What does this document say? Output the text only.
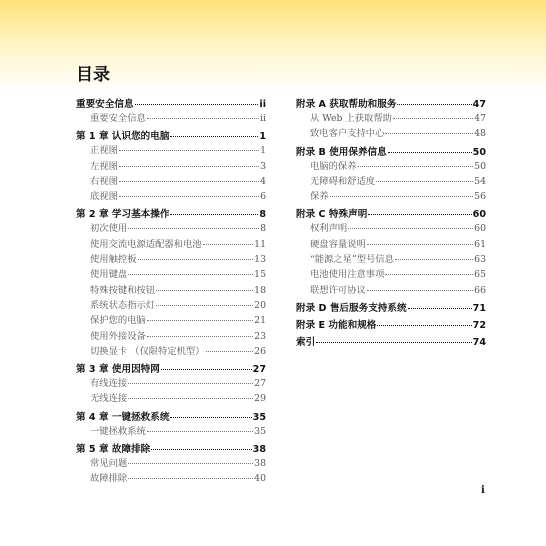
目录
重要安全信息	ii
重要安全信息	ii
第 1 章 认识您的电脑	1
正视图	1
左视图	3
右视图	4
底视图	6
第 2 章 学习基本操作	8
初次使用	8
使用交流电源适配器和电池	11
使用触控板	13
使用键盘	15
特殊按键和按钮	18
系统状态指示灯	20
保护您的电脑	21
使用外接设备	23
切换显卡 （仅限特定机型）	26
第 3 章 使用因特网	27
有线连接	27
无线连接	29
第 4 章 一键拯救系统	35
一键拯救系统	35
第 5 章 故障排除	38
常见问题	38
故障排除	40
附录 A 获取帮助和服务	47
从 Web 上获取帮助	47
致电客户支持中心	48
附录 B 使用保养信息	50
电脑的保养	50
无障碍和舒适度	54
保养	56
附录 C 特殊声明	60
权利声明	60
硬盘容量说明	61
“能源之星”型号信息	63
电池使用注意事项	65
联想许可协议	66
附录 D 售后服务支持系统	71
附录 E 功能和规格	72
索引	74
i
